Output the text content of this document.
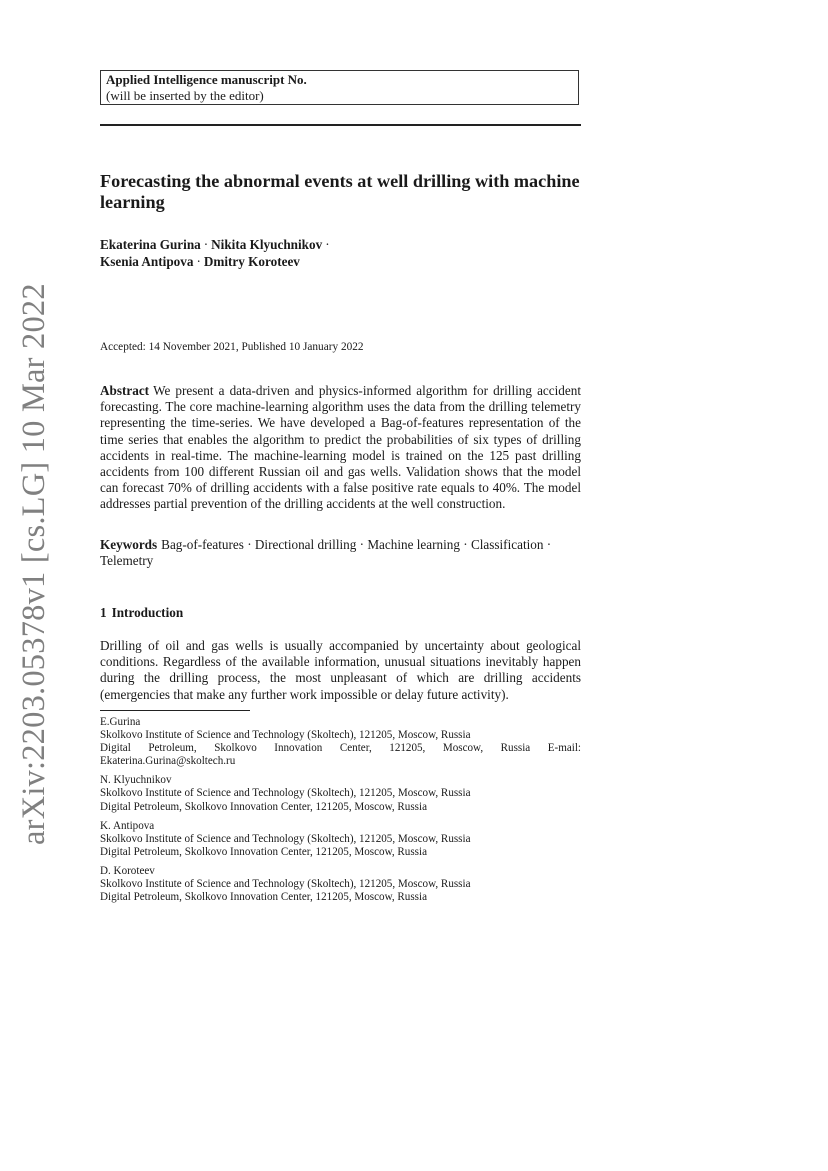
arXiv:2203.05378v1 [cs.LG] 10 Mar 2022
Applied Intelligence manuscript No.
(will be inserted by the editor)
Forecasting the abnormal events at well drilling with machine learning
Ekaterina Gurina · Nikita Klyuchnikov ·
Ksenia Antipova · Dmitry Koroteev
Accepted: 14 November 2021, Published 10 January 2022

Abstract We present a data-driven and physics-informed algorithm for drilling accident forecasting. The core machine-learning algorithm uses the data from the drilling telemetry representing the time-series. We have developed a Bag-of-features representation of the time series that enables the algorithm to predict the probabilities of six types of drilling accidents in real-time. The machine-learning model is trained on the 125 past drilling accidents from 100 different Russian oil and gas wells. Validation shows that the model can forecast 70% of drilling accidents with a false positive rate equals to 40%. The model addresses partial prevention of the drilling accidents at the well construction.

Keywords Bag-of-features · Directional drilling · Machine learning · Classification · Telemetry

1 Introduction

Drilling of oil and gas wells is usually accompanied by uncertainty about geological conditions. Regardless of the available information, unusual situations inevitably happen during the drilling process, the most unpleasant of which are drilling accidents (emergencies that make any further work impossible or delay future activity).

E.Gurina
Skolkovo Institute of Science and Technology (Skoltech), 121205, Moscow, Russia
Digital Petroleum, Skolkovo Innovation Center, 121205, Moscow, Russia E-mail: Ekaterina.Gurina@skoltech.ru
N. Klyuchnikov
Skolkovo Institute of Science and Technology (Skoltech), 121205, Moscow, Russia
Digital Petroleum, Skolkovo Innovation Center, 121205, Moscow, Russia
K. Antipova
Skolkovo Institute of Science and Technology (Skoltech), 121205, Moscow, Russia
Digital Petroleum, Skolkovo Innovation Center, 121205, Moscow, Russia
D. Koroteev
Skolkovo Institute of Science and Technology (Skoltech), 121205, Moscow, Russia
Digital Petroleum, Skolkovo Innovation Center, 121205, Moscow, Russia
